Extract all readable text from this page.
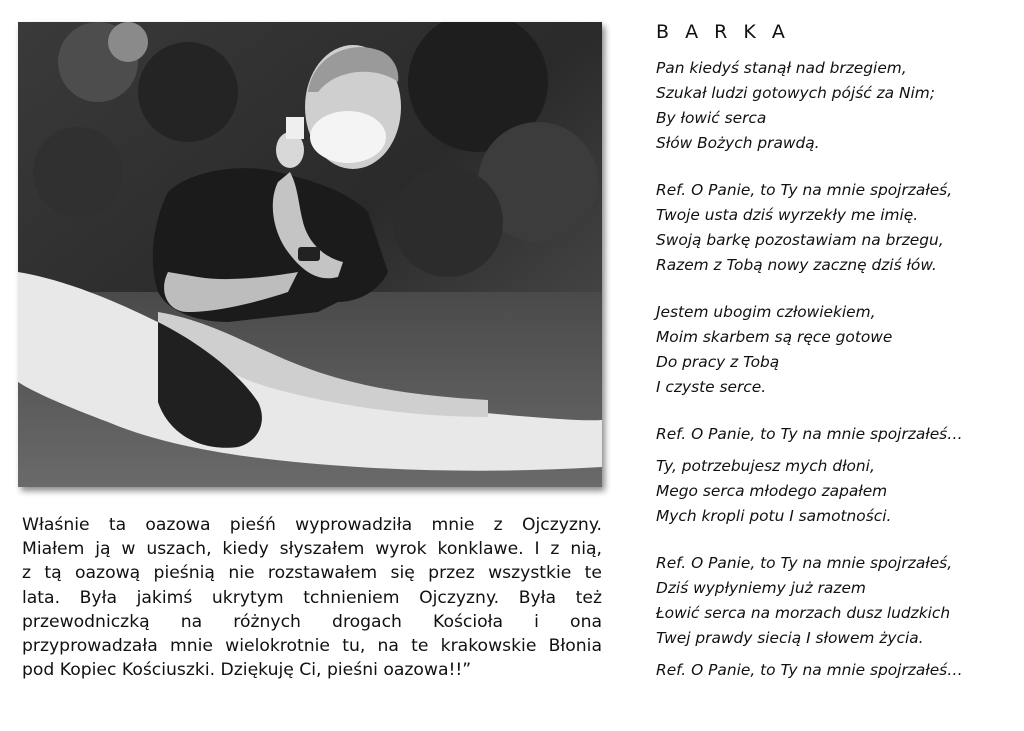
Właśnie ta oazowa pieśń wyprowadziła mnie z Ojczyzny.
Miałem ją w uszach, kiedy słyszałem wyrok konklawe. I z nią,
z tą oazową pieśnią nie rozstawałem się przez wszystkie te
lata. Była jakimś ukrytym tchnieniem Ojczyzny. Była też
przewodniczką na różnych drogach Kościoła i ona
przyprowadzała mnie wielokrotnie tu, na te krakowskie Błonia
pod Kopiec Kościuszki. Dziękuję Ci, pieśni oazowa!!”
B A R K A
Pan kiedyś stanął nad brzegiem,
Szukał ludzi gotowych pójść za Nim;
By łowić serca
Słów Bożych prawdą.
Ref. O Panie, to Ty na mnie spojrzałeś,
Twoje usta dziś wyrzekły me imię.
Swoją barkę pozostawiam na brzegu,
Razem z Tobą nowy zacznę dziś łów.
Jestem ubogim człowiekiem,
Moim skarbem są ręce gotowe
Do pracy z Tobą
I czyste serce.
Ref. O Panie, to Ty na mnie spojrzałeś…
Ty, potrzebujesz mych dłoni,
Mego serca młodego zapałem
Mych kropli potu I samotności.
Ref. O Panie, to Ty na mnie spojrzałeś,
Dziś wypłyniemy już razem
Łowić serca na morzach dusz ludzkich
Twej prawdy siecią I słowem życia.
Ref. O Panie, to Ty na mnie spojrzałeś…
